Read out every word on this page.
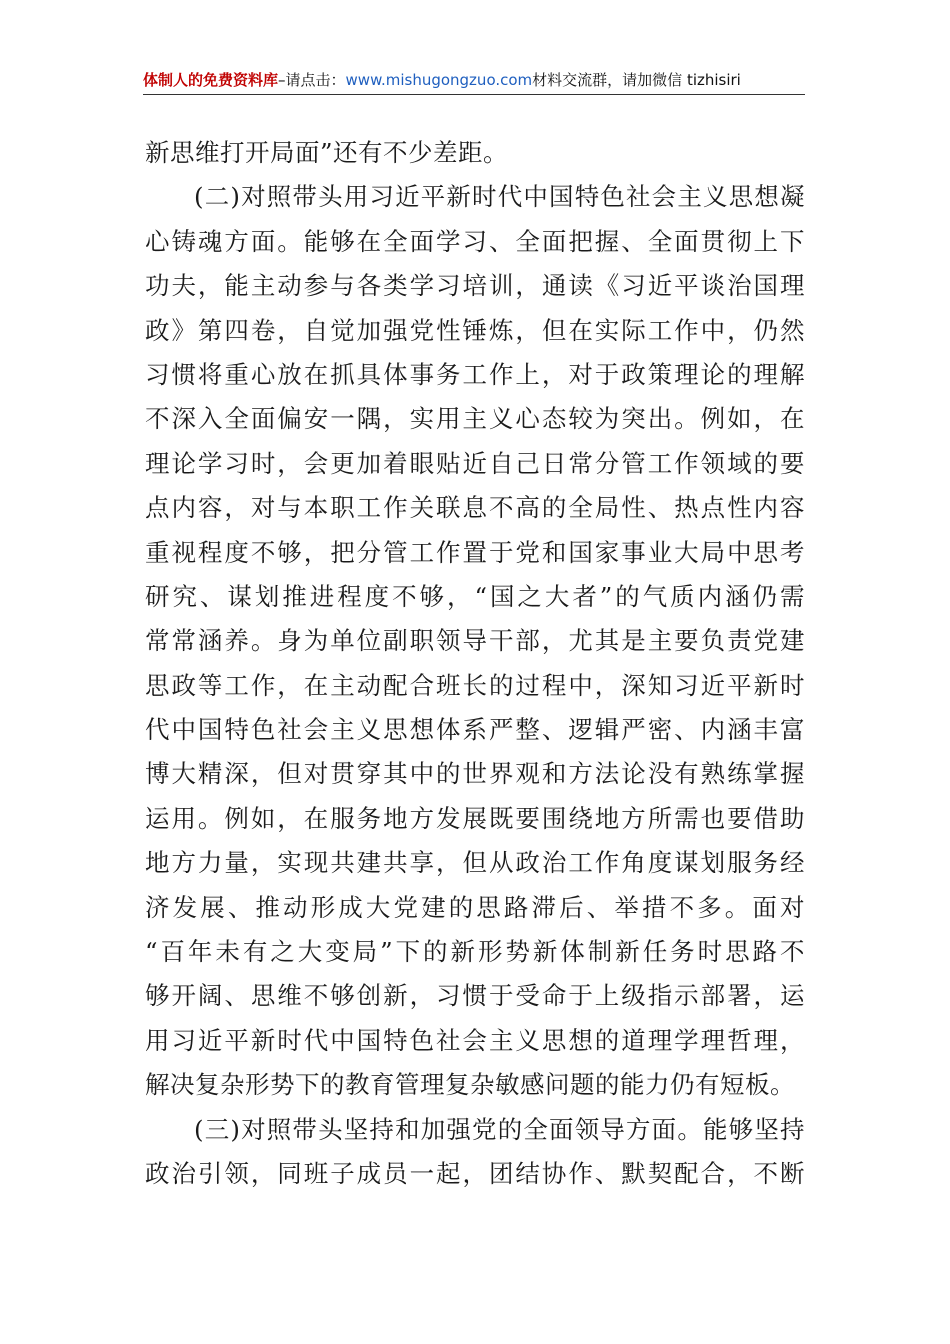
体制人的免费资料库–请点击：www.mishugongzuo.com材料交流群，请加微信 tizhisiri
新思维打开局面”还有不少差距。
(二)对照带头用习近平新时代中国特色社会主义思想凝
心铸魂方面。能够在全面学习、全面把握、全面贯彻上下
功夫，能主动参与各类学习培训，通读《习近平谈治国理
政》第四卷，自觉加强党性锤炼，但在实际工作中，仍然
习惯将重心放在抓具体事务工作上，对于政策理论的理解
不深入全面偏安一隅，实用主义心态较为突出。例如，在
理论学习时，会更加着眼贴近自己日常分管工作领域的要
点内容，对与本职工作关联息不高的全局性、热点性内容
重视程度不够，把分管工作置于党和国家事业大局中思考
研究、谋划推进程度不够，“国之大者”的气质内涵仍需
常常涵养。身为单位副职领导干部，尤其是主要负责党建
思政等工作，在主动配合班长的过程中，深知习近平新时
代中国特色社会主义思想体系严整、逻辑严密、内涵丰富
博大精深，但对贯穿其中的世界观和方法论没有熟练掌握
运用。例如，在服务地方发展既要围绕地方所需也要借助
地方力量，实现共建共享，但从政治工作角度谋划服务经
济发展、推动形成大党建的思路滞后、举措不多。面对
“百年未有之大变局”下的新形势新体制新任务时思路不
够开阔、思维不够创新，习惯于受命于上级指示部署，运
用习近平新时代中国特色社会主义思想的道理学理哲理，
解决复杂形势下的教育管理复杂敏感问题的能力仍有短板。
(三)对照带头坚持和加强党的全面领导方面。能够坚持
政治引领，同班子成员一起，团结协作、默契配合，不断
